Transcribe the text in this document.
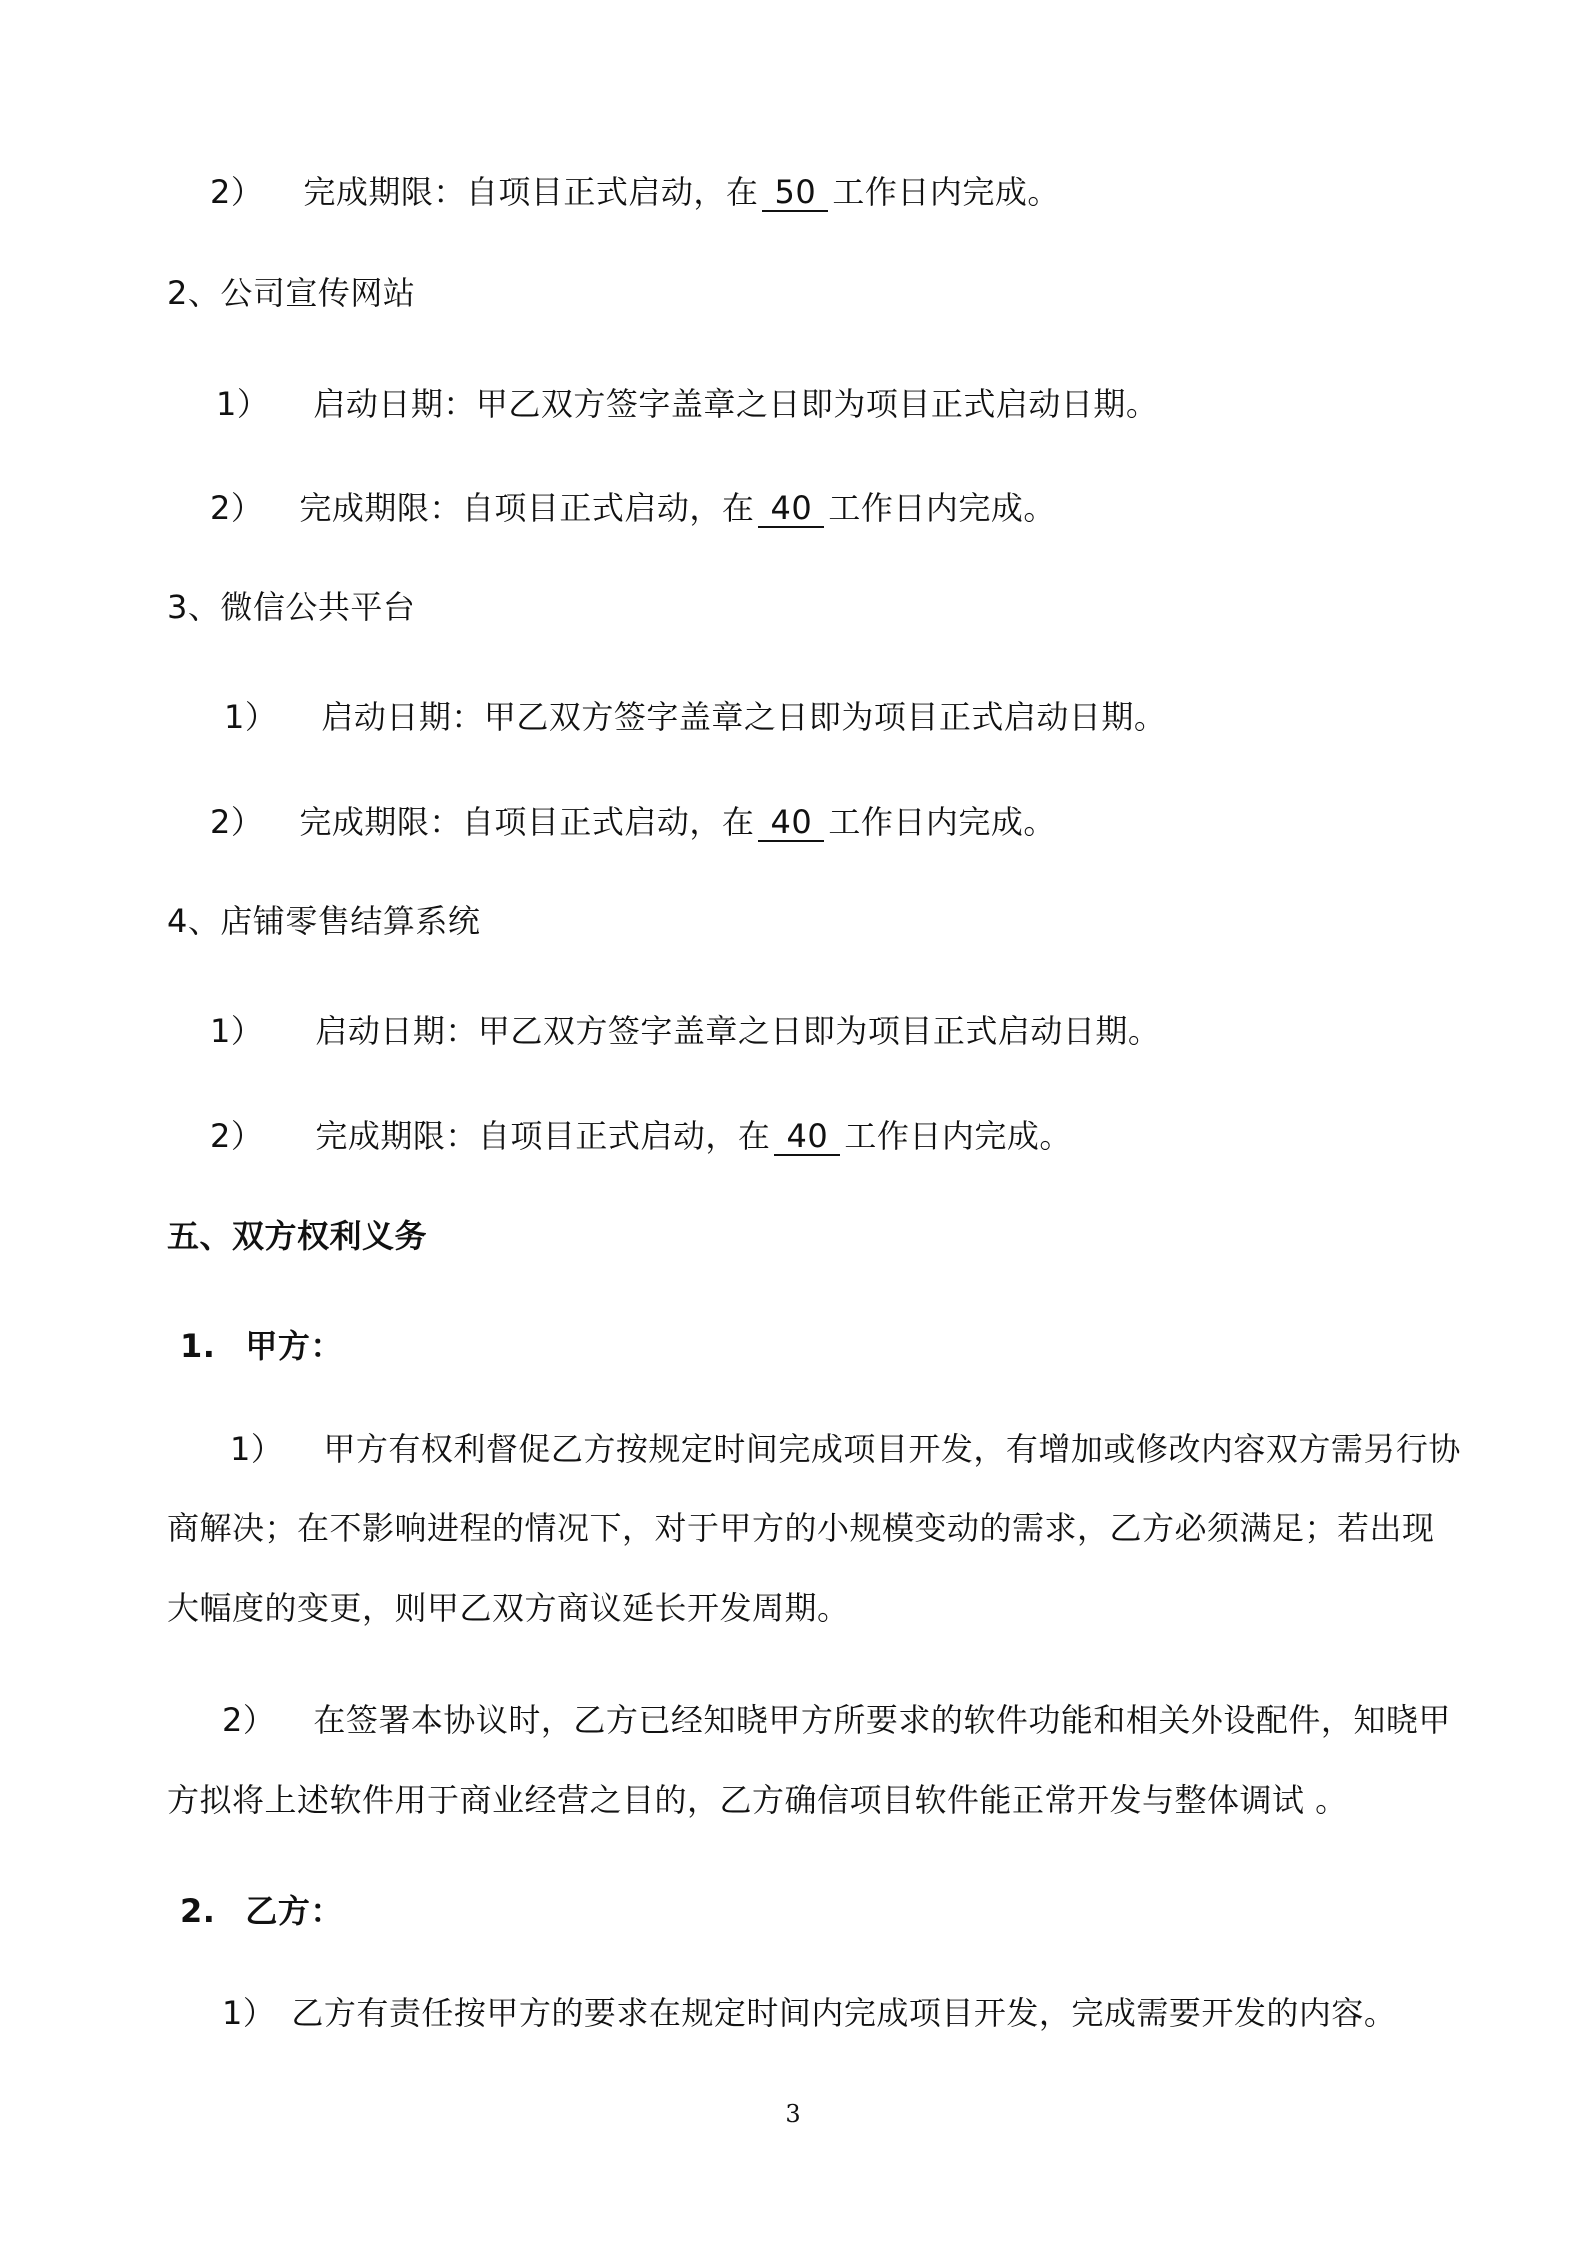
2） 完成期限：自项目正式启动，在 50 工作日内完成。
2、公司宣传网站
1） 启动日期：甲乙双方签字盖章之日即为项目正式启动日期。
2） 完成期限：自项目正式启动，在 40 工作日内完成。
3、微信公共平台
1） 启动日期：甲乙双方签字盖章之日即为项目正式启动日期。
2） 完成期限：自项目正式启动，在 40 工作日内完成。
4、店铺零售结算系统
1） 启动日期：甲乙双方签字盖章之日即为项目正式启动日期。
2） 完成期限：自项目正式启动，在 40 工作日内完成。
五、双方权利义务
1. 甲方：
1） 甲方有权利督促乙方按规定时间完成项目开发，有增加或修改内容双方需另行协
商解决；在不影响进程的情况下，对于甲方的小规模变动的需求，乙方必须满足；若出现
大幅度的变更，则甲乙双方商议延长开发周期。
2） 在签署本协议时，乙方已经知晓甲方所要求的软件功能和相关外设配件，知晓甲
方拟将上述软件用于商业经营之目的，乙方确信项目软件能正常开发与整体调试 。
2. 乙方：
1） 乙方有责任按甲方的要求在规定时间内完成项目开发，完成需要开发的内容。
3
